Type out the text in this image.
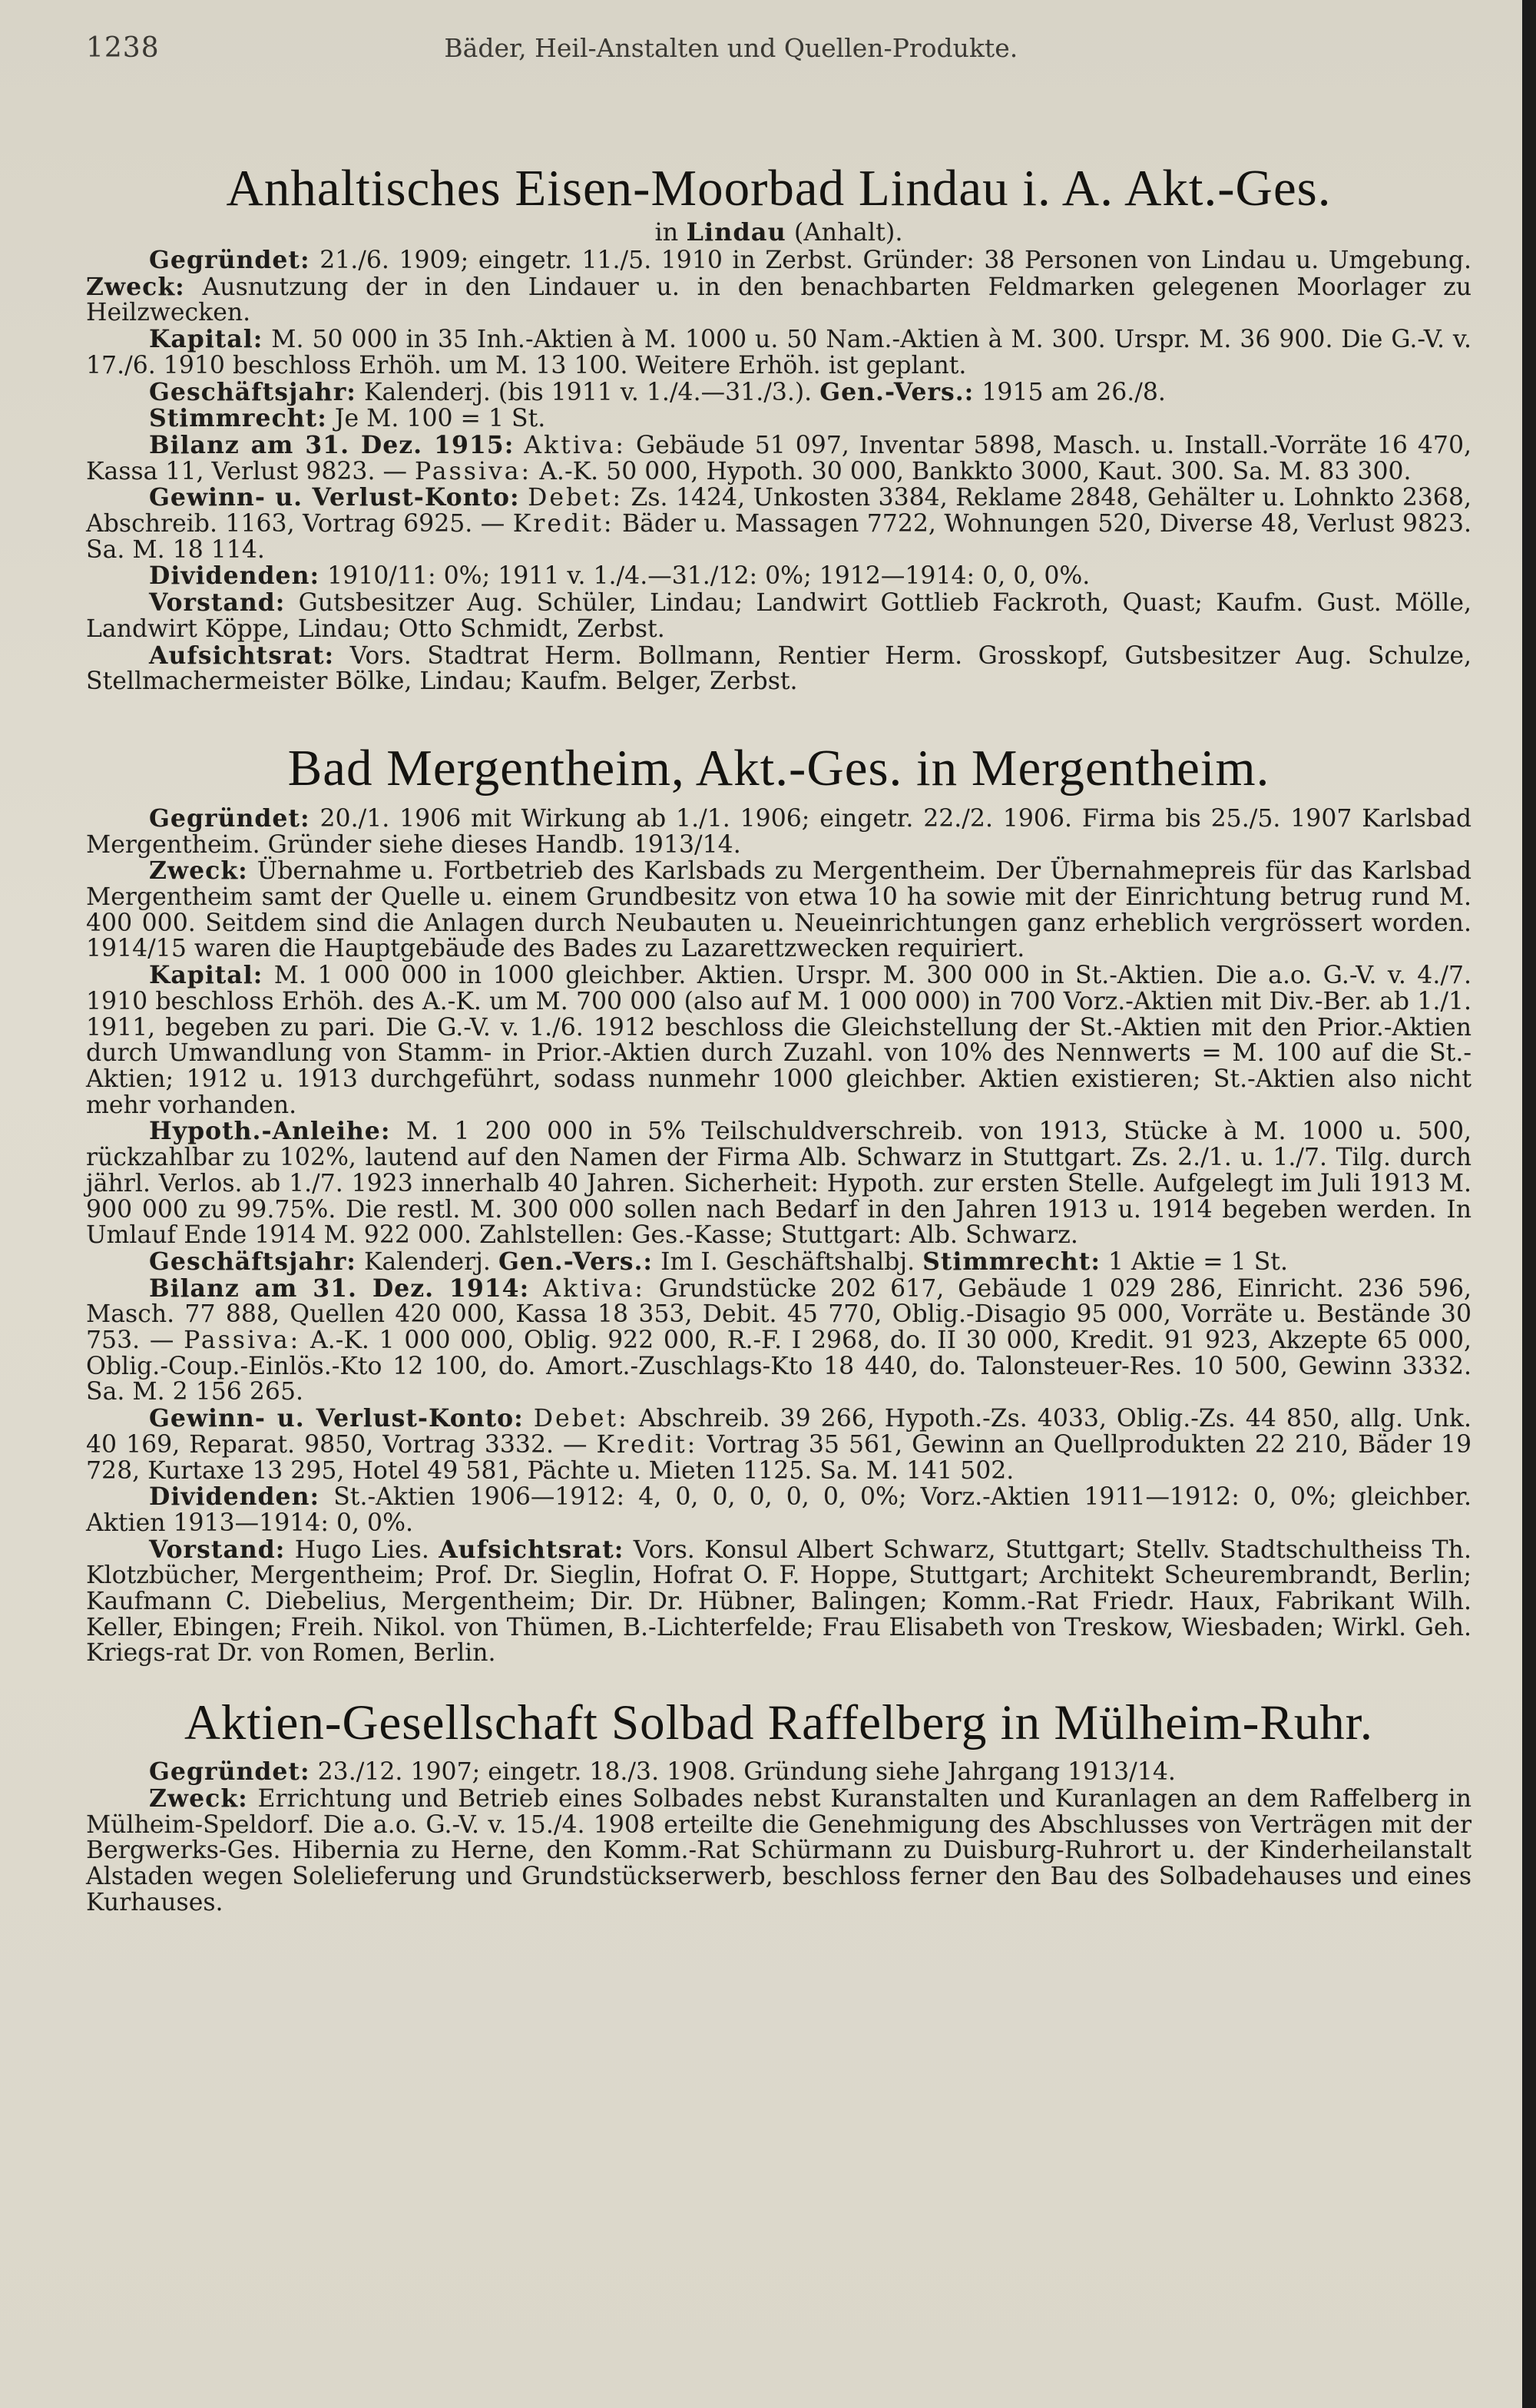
1238	Bäder, Heil-Anstalten und Quellen-Produkte.
Anhaltisches Eisen-Moorbad Lindau i. A. Akt.-Ges.
in Lindau (Anhalt).

Gegründet: 21./6. 1909; eingetr. 11./5. 1910 in Zerbst. Gründer: 38 Personen von Lindau u. Umgebung. Zweck: Ausnutzung der in den Lindauer u. in den benachbarten Feldmarken gelegenen Moorlager zu Heilzwecken.

Kapital: M. 50 000 in 35 Inh.-Aktien à M. 1000 u. 50 Nam.-Aktien à M. 300. Urspr. M. 36 900. Die G.-V. v. 17./6. 1910 beschloss Erhöh. um M. 13 100. Weitere Erhöh. ist geplant.

Geschäftsjahr: Kalenderj. (bis 1911 v. 1./4.—31./3.). Gen.-Vers.: 1915 am 26./8.

Stimmrecht: Je M. 100 = 1 St.

Bilanz am 31. Dez. 1915: Aktiva: Gebäude 51 097, Inventar 5898, Masch. u. Install.-Vorräte 16 470, Kassa 11, Verlust 9823. — Passiva: A.-K. 50 000, Hypoth. 30 000, Bankkto 3000, Kaut. 300. Sa. M. 83 300.

Gewinn- u. Verlust-Konto: Debet: Zs. 1424, Unkosten 3384, Reklame 2848, Gehälter u. Lohnkto 2368, Abschreib. 1163, Vortrag 6925. — Kredit: Bäder u. Massagen 7722, Wohnungen 520, Diverse 48, Verlust 9823. Sa. M. 18 114.

Dividenden: 1910/11: 0%; 1911 v. 1./4.—31./12: 0%; 1912—1914: 0, 0, 0%.

Vorstand: Gutsbesitzer Aug. Schüler, Lindau; Landwirt Gottlieb Fackroth, Quast; Kaufm. Gust. Mölle, Landwirt Köppe, Lindau; Otto Schmidt, Zerbst.

Aufsichtsrat: Vors. Stadtrat Herm. Bollmann, Rentier Herm. Grosskopf, Gutsbesitzer Aug. Schulze, Stellmachermeister Bölke, Lindau; Kaufm. Belger, Zerbst.

Bad Mergentheim, Akt.-Ges. in Mergentheim.

Gegründet: 20./1. 1906 mit Wirkung ab 1./1. 1906; eingetr. 22./2. 1906. Firma bis 25./5. 1907 Karlsbad Mergentheim. Gründer siehe dieses Handb. 1913/14.

Zweck: Übernahme u. Fortbetrieb des Karlsbads zu Mergentheim. Der Übernahmepreis für das Karlsbad Mergentheim samt der Quelle u. einem Grundbesitz von etwa 10 ha sowie mit der Einrichtung betrug rund M. 400 000. Seitdem sind die Anlagen durch Neubauten u. Neueinrichtungen ganz erheblich vergrössert worden. 1914/15 waren die Hauptgebäude des Bades zu Lazarettzwecken requiriert.

Kapital: M. 1 000 000 in 1000 gleichber. Aktien. Urspr. M. 300 000 in St.-Aktien. Die a.o. G.-V. v. 4./7. 1910 beschloss Erhöh. des A.-K. um M. 700 000 (also auf M. 1 000 000) in 700 Vorz.-Aktien mit Div.-Ber. ab 1./1. 1911, begeben zu pari. Die G.-V. v. 1./6. 1912 beschloss die Gleichstellung der St.-Aktien mit den Prior.-Aktien durch Umwandlung von Stamm- in Prior.-Aktien durch Zuzahl. von 10% des Nennwerts = M. 100 auf die St.-Aktien; 1912 u. 1913 durchgeführt, sodass nunmehr 1000 gleichber. Aktien existieren; St.-Aktien also nicht mehr vorhanden.

Hypoth.-Anleihe: M. 1 200 000 in 5% Teilschuldverschreib. von 1913, Stücke à M. 1000 u. 500, rückzahlbar zu 102%, lautend auf den Namen der Firma Alb. Schwarz in Stuttgart. Zs. 2./1. u. 1./7. Tilg. durch jährl. Verlos. ab 1./7. 1923 innerhalb 40 Jahren. Sicherheit: Hypoth. zur ersten Stelle. Aufgelegt im Juli 1913 M. 900 000 zu 99.75%. Die restl. M. 300 000 sollen nach Bedarf in den Jahren 1913 u. 1914 begeben werden. In Umlauf Ende 1914 M. 922 000. Zahlstellen: Ges.-Kasse; Stuttgart: Alb. Schwarz.

Geschäftsjahr: Kalenderj. Gen.-Vers.: Im I. Geschäftshalbj. Stimmrecht: 1 Aktie = 1 St.

Bilanz am 31. Dez. 1914: Aktiva: Grundstücke 202 617, Gebäude 1 029 286, Einricht. 236 596, Masch. 77 888, Quellen 420 000, Kassa 18 353, Debit. 45 770, Oblig.-Disagio 95 000, Vorräte u. Bestände 30 753. — Passiva: A.-K. 1 000 000, Oblig. 922 000, R.-F. I 2968, do. II 30 000, Kredit. 91 923, Akzepte 65 000, Oblig.-Coup.-Einlös.-Kto 12 100, do. Amort.-Zuschlags-Kto 18 440, do. Talonsteuer-Res. 10 500, Gewinn 3332. Sa. M. 2 156 265.

Gewinn- u. Verlust-Konto: Debet: Abschreib. 39 266, Hypoth.-Zs. 4033, Oblig.-Zs. 44 850, allg. Unk. 40 169, Reparat. 9850, Vortrag 3332. — Kredit: Vortrag 35 561, Gewinn an Quellprodukten 22 210, Bäder 19 728, Kurtaxe 13 295, Hotel 49 581, Pächte u. Mieten 1125. Sa. M. 141 502.

Dividenden: St.-Aktien 1906—1912: 4, 0, 0, 0, 0, 0, 0%; Vorz.-Aktien 1911—1912: 0, 0%; gleichber. Aktien 1913—1914: 0, 0%.

Vorstand: Hugo Lies. Aufsichtsrat: Vors. Konsul Albert Schwarz, Stuttgart; Stellv. Stadtschultheiss Th. Klotzbücher, Mergentheim; Prof. Dr. Sieglin, Hofrat O. F. Hoppe, Stuttgart; Architekt Scheurembrandt, Berlin; Kaufmann C. Diebelius, Mergentheim; Dir. Dr. Hübner, Balingen; Komm.-Rat Friedr. Haux, Fabrikant Wilh. Keller, Ebingen; Freih. Nikol. von Thümen, B.-Lichterfelde; Frau Elisabeth von Treskow, Wiesbaden; Wirkl. Geh. Kriegs-rat Dr. von Romen, Berlin.

Aktien-Gesellschaft Solbad Raffelberg in Mülheim-Ruhr.

Gegründet: 23./12. 1907; eingetr. 18./3. 1908. Gründung siehe Jahrgang 1913/14.

Zweck: Errichtung und Betrieb eines Solbades nebst Kuranstalten und Kuranlagen an dem Raffelberg in Mülheim-Speldorf. Die a.o. G.-V. v. 15./4. 1908 erteilte die Genehmigung des Abschlusses von Verträgen mit der Bergwerks-Ges. Hibernia zu Herne, den Komm.-Rat Schürmann zu Duisburg-Ruhrort u. der Kinderheilanstalt Alstaden wegen Solelieferung und Grundstückserwerb, beschloss ferner den Bau des Solbadehauses und eines Kurhauses.
